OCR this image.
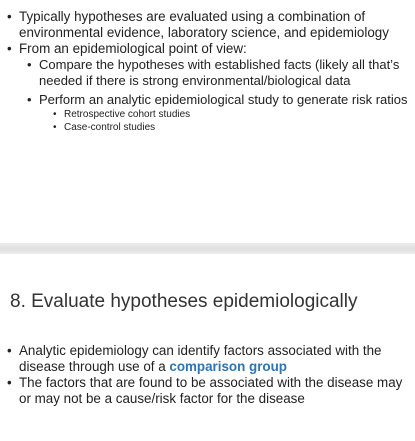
• Typically hypotheses are evaluated using a combination of environmental evidence, laboratory science, and epidemiology
• From an epidemiological point of view:
• Compare the hypotheses with established facts (likely all that’s needed if there is strong environmental/biological data
• Perform an analytic epidemiological study to generate risk ratios
• Retrospective cohort studies
• Case-control studies
8. Evaluate hypotheses epidemiologically
• Analytic epidemiology can identify factors associated with the disease through use of a comparison group
• The factors that are found to be associated with the disease may or may not be a cause/risk factor for the disease
